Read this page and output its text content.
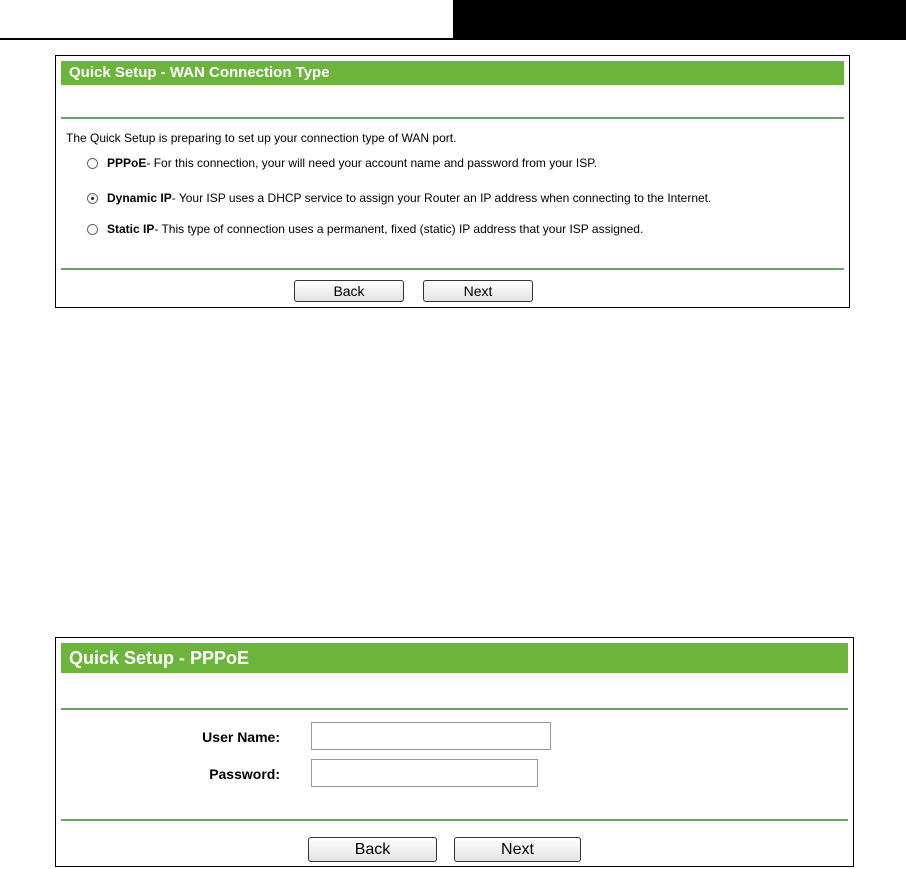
Quick Setup - WAN Connection Type
The Quick Setup is preparing to set up your connection type of WAN port.
PPPoE - For this connection, your will need your account name and password from your ISP.
Dynamic IP - Your ISP uses a DHCP service to assign your Router an IP address when connecting to the Internet.
Static IP - This type of connection uses a permanent, fixed (static) IP address that your ISP assigned.
Back	Next
Quick Setup - PPPoE
User Name:
Password:
Back	Next
